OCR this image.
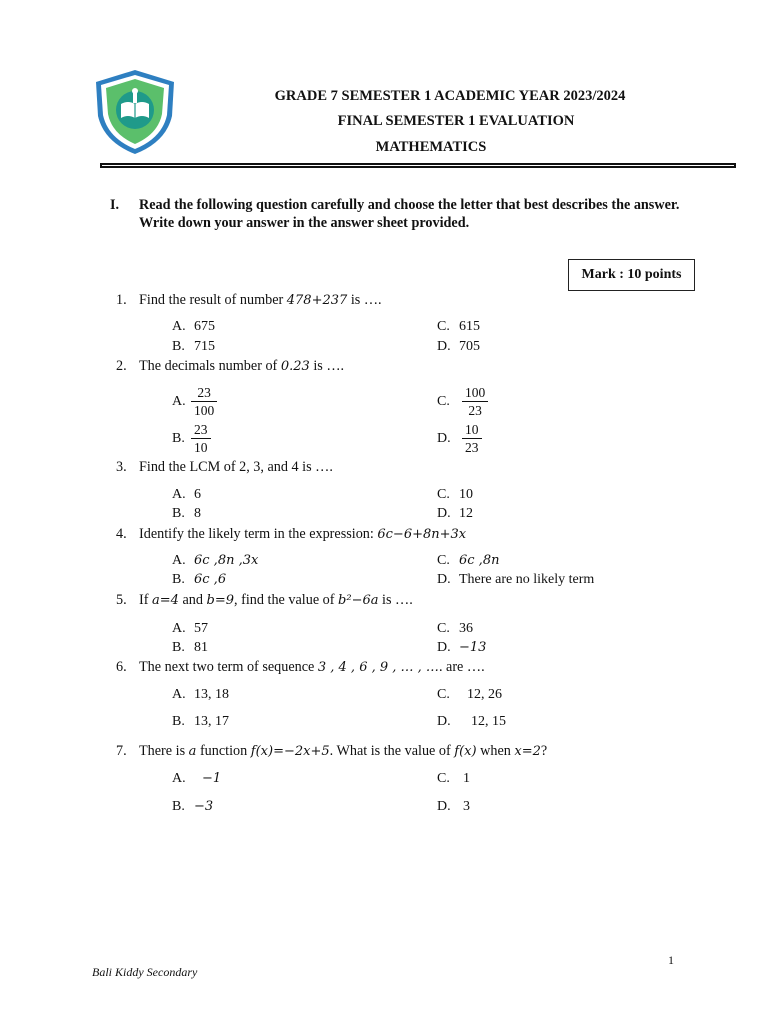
GRADE 7 SEMESTER 1 ACADEMIC YEAR 2023/2024
FINAL SEMESTER 1 EVALUATION
MATHEMATICS
I. Read the following question carefully and choose the letter that best describes the answer. Write down your answer in the answer sheet provided.
Mark : 10 points
1. Find the result of number 478+237 is ….
A. 675
B. 715
C. 615
D. 705
2. The decimals number of 0.23 is ….
A. $\frac{23}{100}$
B. $\frac{23}{10}$
C. $\frac{100}{23}$
D. $\frac{10}{23}$
3. Find the LCM of 2, 3, and 4 is ….
A. 6
B. 8
C. 10
D. 12
4. Identify the likely term in the expression: 6c−6+8n+3x
A. 6c ,8n ,3x
B. 6c ,6
C. 6c ,8n
D. There are no likely term
5. If a=4 and b=9, find the value of b²−6a is ….
A. 57
B. 81
C. 36
D. −13
6. The next two term of sequence 3 , 4 , 6 , 9 , … , …. are ….
A. 13, 18
B. 13, 17
C. 12, 26
D. 12, 15
7. There is a function f(x)=−2x+5. What is the value of f(x) when x=2?
A. −1
B. −3
C. 1
D. 3
1
Bali Kiddy Secondary
